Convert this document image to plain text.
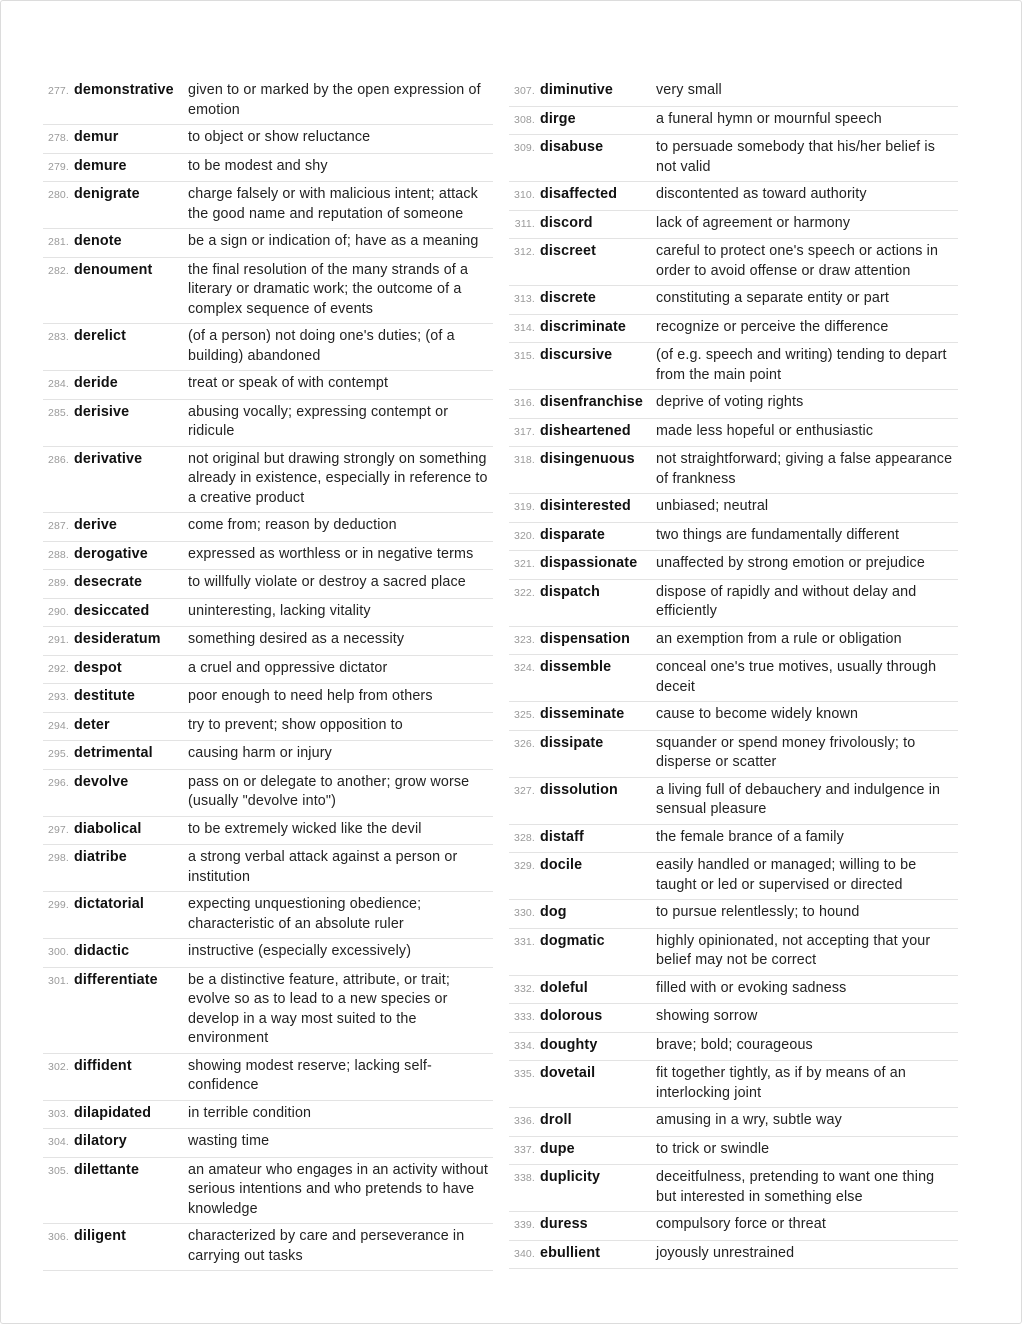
277. demonstrative	given to or marked by the open expression of emotion
278. demur	to object or show reluctance
279. demure	to be modest and shy
280. denigrate	charge falsely or with malicious intent; attack the good name and reputation of someone
281. denote	be a sign or indication of; have as a meaning
282. denoument	the final resolution of the many strands of a literary or dramatic work; the outcome of a complex sequence of events
283. derelict	(of a person) not doing one's duties; (of a building) abandoned
284. deride	treat or speak of with contempt
285. derisive	abusing vocally; expressing contempt or ridicule
286. derivative	not original but drawing strongly on something already in existence, especially in reference to a creative product
287. derive	come from; reason by deduction
288. derogative	expressed as worthless or in negative terms
289. desecrate	to willfully violate or destroy a sacred place
290. desiccated	uninteresting, lacking vitality
291. desideratum	something desired as a necessity
292. despot	a cruel and oppressive dictator
293. destitute	poor enough to need help from others
294. deter	try to prevent; show opposition to
295. detrimental	causing harm or injury
296. devolve	pass on or delegate to another; grow worse (usually "devolve into")
297. diabolical	to be extremely wicked like the devil
298. diatribe	a strong verbal attack against a person or institution
299. dictatorial	expecting unquestioning obedience; characteristic of an absolute ruler
300. didactic	instructive (especially excessively)
301. differentiate	be a distinctive feature, attribute, or trait; evolve so as to lead to a new species or develop in a way most suited to the environment
302. diffident	showing modest reserve; lacking self-confidence
303. dilapidated	in terrible condition
304. dilatory	wasting time
305. dilettante	an amateur who engages in an activity without serious intentions and who pretends to have knowledge
306. diligent	characterized by care and perseverance in carrying out tasks
307. diminutive	very small
308. dirge	a funeral hymn or mournful speech
309. disabuse	to persuade somebody that his/her belief is not valid
310. disaffected	discontented as toward authority
311. discord	lack of agreement or harmony
312. discreet	careful to protect one's speech or actions in order to avoid offense or draw attention
313. discrete	constituting a separate entity or part
314. discriminate	recognize or perceive the difference
315. discursive	(of e.g. speech and writing) tending to depart from the main point
316. disenfranchise deprive of voting rights
317. disheartened	made less hopeful or enthusiastic
318. disingenuous	not straightforward; giving a false appearance of frankness
319. disinterested	unbiased; neutral
320. disparate	two things are fundamentally different
321. dispassionate	unaffected by strong emotion or prejudice
322. dispatch	dispose of rapidly and without delay and efficiently
323. dispensation	an exemption from a rule or obligation
324. dissemble	conceal one's true motives, usually through deceit
325. disseminate	cause to become widely known
326. dissipate	squander or spend money frivolously; to disperse or scatter
327. dissolution	a living full of debauchery and indulgence in sensual pleasure
328. distaff	the female brance of a family
329. docile	easily handled or managed; willing to be taught or led or supervised or directed
330. dog	to pursue relentlessly; to hound
331. dogmatic	highly opinionated, not accepting that your belief may not be correct
332. doleful	filled with or evoking sadness
333. dolorous	showing sorrow
334. doughty	brave; bold; courageous
335. dovetail	fit together tightly, as if by means of an interlocking joint
336. droll	amusing in a wry, subtle way
337. dupe	to trick or swindle
338. duplicity	deceitfulness, pretending to want one thing but interested in something else
339. duress	compulsory force or threat
340. ebullient	joyously unrestrained
